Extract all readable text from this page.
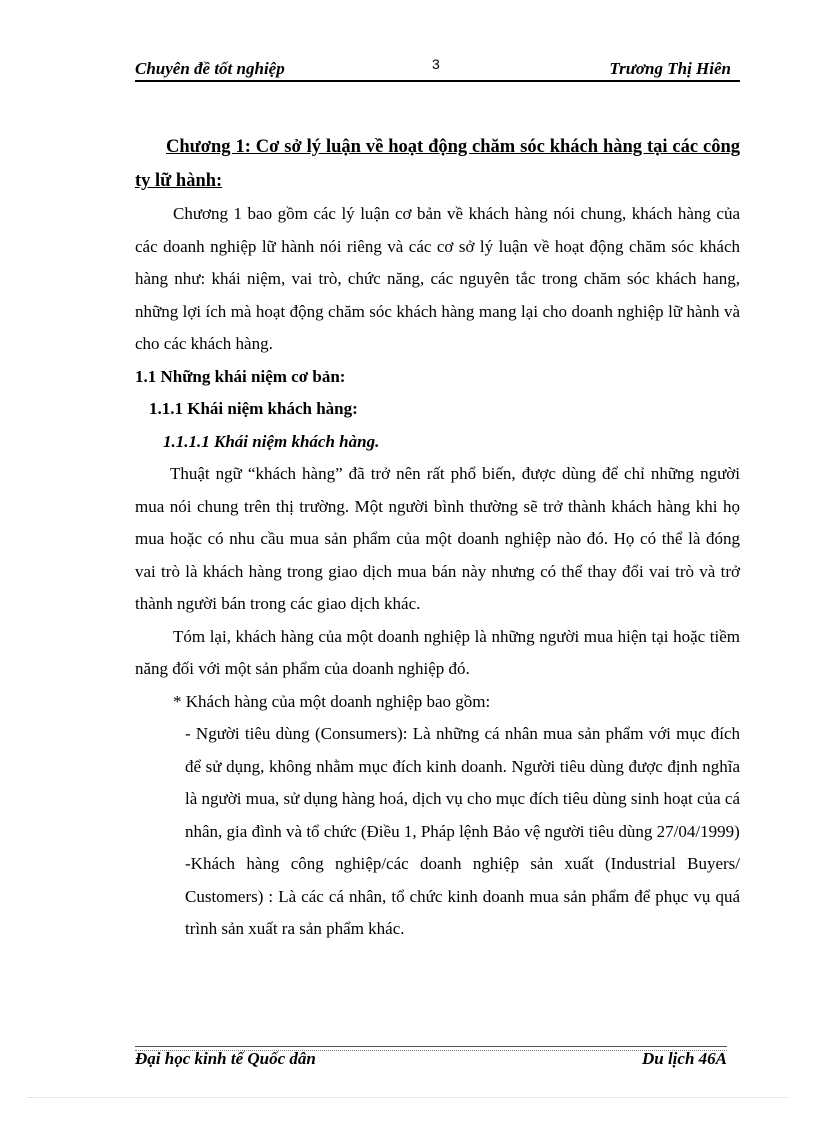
Chuyên đề tốt nghiệp	3	Trương Thị Hiên

Chương 1: Cơ sở lý luận về hoạt động chăm sóc khách hàng tại các công ty lữ hành:

Chương 1 bao gồm các lý luận cơ bản về khách hàng nói chung, khách hàng của các doanh nghiệp lữ hành nói riêng và các cơ sở lý luận về hoạt động chăm sóc khách hàng như: khái niệm, vai trò, chức năng, các nguyên tắc trong chăm sóc khách hang, những lợi ích mà hoạt động chăm sóc khách hàng mang lại cho doanh nghiệp lữ hành và cho các khách hàng.

1.1 Những khái niệm cơ bản:

1.1.1 Khái niệm khách hàng:

1.1.1.1 Khái niệm khách hàng.

Thuật ngữ “khách hàng” đã trở nên rất phổ biến, được dùng để chỉ những người mua nói chung trên thị trường. Một người bình thường sẽ trở thành khách hàng khi họ mua hoặc có nhu cầu mua sản phẩm của một doanh nghiệp nào đó. Họ có thể là đóng vai trò là khách hàng trong giao dịch mua bán này nhưng có thể thay đổi vai trò và trở thành người bán trong các giao dịch khác.

Tóm lại, khách hàng của một doanh nghiệp là những người mua hiện tại hoặc tiềm năng đối với một sản phẩm của doanh nghiệp đó.

* Khách hàng của một doanh nghiệp bao gồm:

- Người tiêu dùng (Consumers): Là những cá nhân mua sản phẩm với mục đích để sử dụng, không nhằm mục đích kinh doanh. Người tiêu dùng được định nghĩa là người mua, sử dụng hàng hoá, dịch vụ cho mục đích tiêu dùng sinh hoạt của cá nhân, gia đình và tổ chức (Điều 1, Pháp lệnh Bảo vệ người tiêu dùng 27/04/1999)

-Khách hàng công nghiệp/các doanh nghiệp sản xuất (Industrial Buyers/ Customers) : Là các cá nhân, tổ chức kinh doanh mua sản phẩm để phục vụ quá trình sản xuất ra sản phẩm khác.

Đại học kinh tế Quốc dân	Du lịch 46A
